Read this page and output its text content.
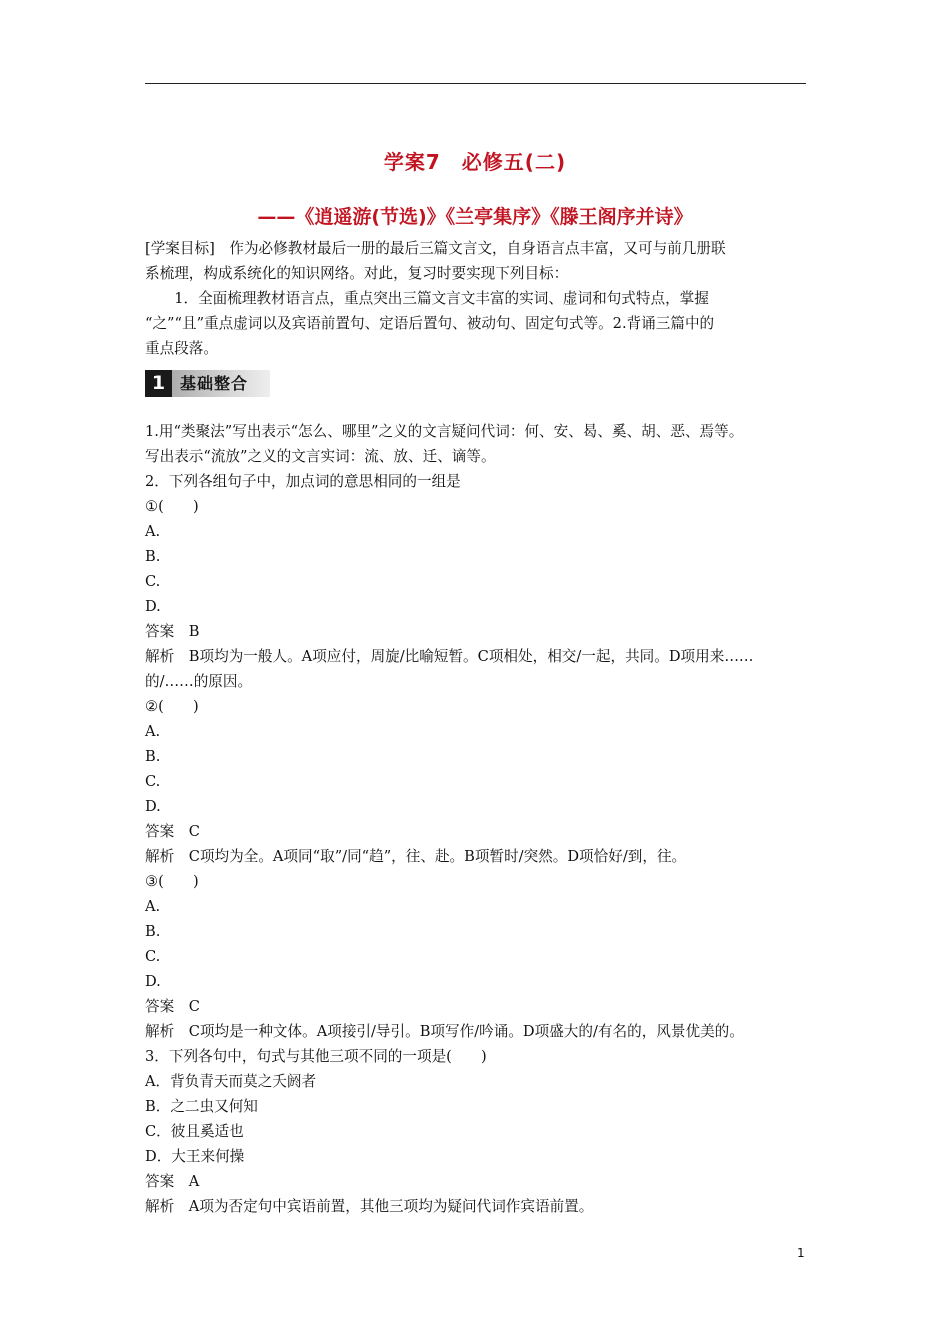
学案7　必修五(二)
——《逍遥游(节选)》《兰亭集序》《滕王阁序并诗》

[学案目标]　作为必修教材最后一册的最后三篇文言文，自身语言点丰富，又可与前几册联

系梳理，构成系统化的知识网络。对此，复习时要实现下列目标：

1．全面梳理教材语言点，重点突出三篇文言文丰富的实词、虚词和句式特点，掌握

“之”“且”重点虚词以及宾语前置句、定语后置句、被动句、固定句式等。2.背诵三篇中的

重点段落。

1 基础整合

1.用“类聚法”写出表示“怎么、哪里”之义的文言疑问代词：何、安、曷、奚、胡、恶、焉等。

写出表示“流放”之义的文言实词：流、放、迁、谪等。

2．下列各组句子中，加点词的意思相同的一组是

①(　　)

A.

B.

C.

D.

答案　B

解析　B项均为一般人。A项应付，周旋/比喻短暂。C项相处，相交/一起，共同。D项用来……

的/……的原因。

②(　　)

A.

B.

C.

D.

答案　C

解析　C项均为全。A项同“取”/同“趋”，往、赴。B项暂时/突然。D项恰好/到，往。

③(　　)

A.

B.

C.

D.

答案　C

解析　C项均是一种文体。A项接引/导引。B项写作/吟诵。D项盛大的/有名的，风景优美的。

3．下列各句中，句式与其他三项不同的一项是(　　)

A．背负青天而莫之夭阏者

B．之二虫又何知

C．彼且奚适也

D．大王来何操

答案　A

解析　A项为否定句中宾语前置，其他三项均为疑问代词作宾语前置。

1
